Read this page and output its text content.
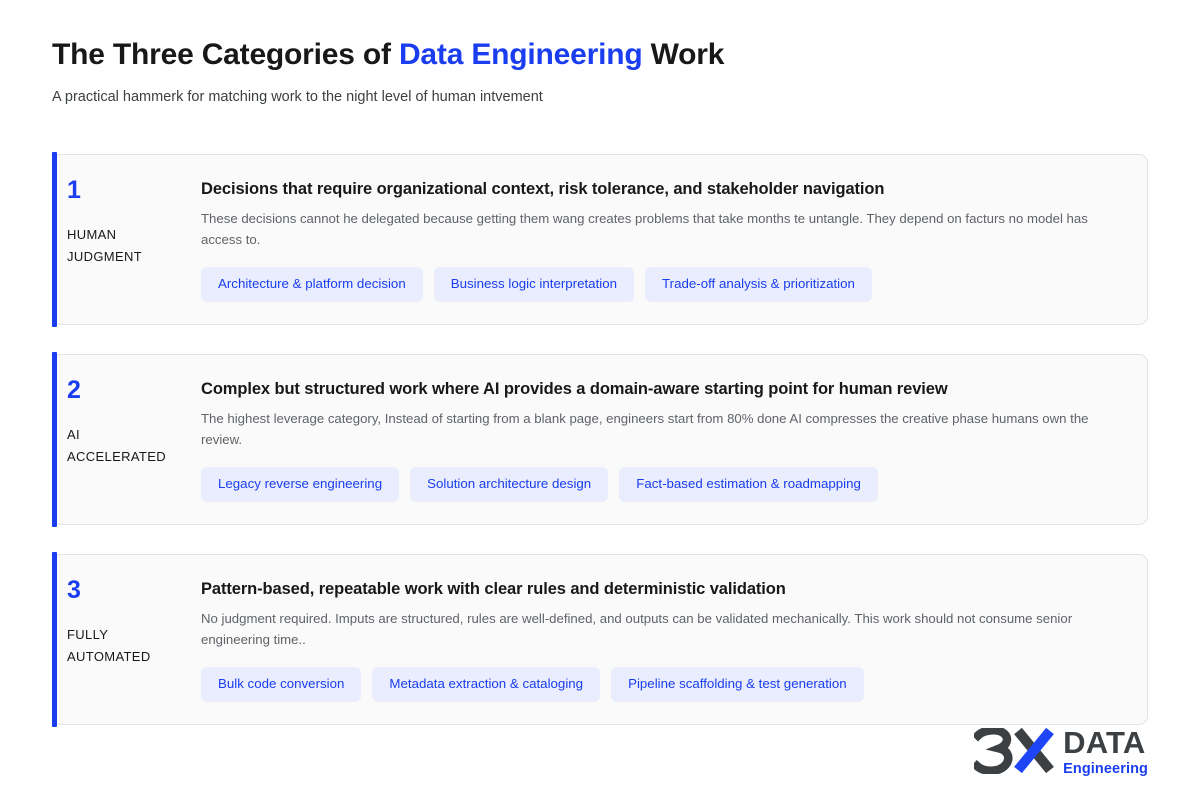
The Three Categories of Data Engineering Work

A practical hammerk for matching work to the night level of human intvement

1
HUMAN
JUDGMENT
Decisions that require organizational context, risk tolerance, and stakeholder navigation
These decisions cannot he delegated because getting them wang creates problems that take months te untangle. They depend on facturs no model has access to.
Architecture & platform decision	Business logic interpretation	Trade-off analysis & prioritization
2
AI
ACCELERATED
Complex but structured work where AI provides a domain-aware starting point for human review
The highest leverage category, Instead of starting from a blank page, engineers start from 80% done AI compresses the creative phase humans own the review.
Legacy reverse engineering	Solution architecture design	Fact-based estimation & roadmapping
3
FULLY
AUTOMATED
Pattern-based, repeatable work with clear rules and deterministic validation
No judgment required. Imputs are structured, rules are well-defined, and outputs can be validated mechanically. This work should not consume senior engineering time..
Bulk code conversion	Metadata extraction & cataloging	Pipeline scaffolding & test generation
DATA
Engineering
